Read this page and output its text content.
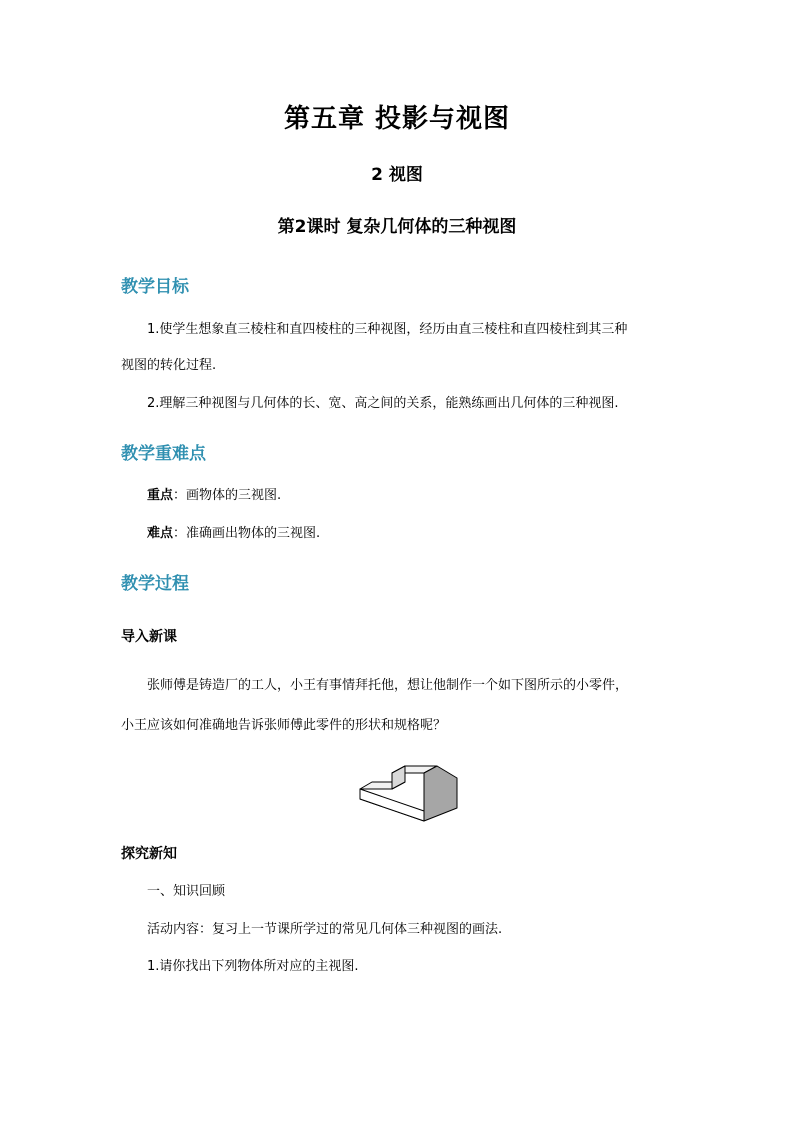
第五章 投影与视图
2 视图
第2课时 复杂几何体的三种视图
教学目标
1.使学生想象直三棱柱和直四棱柱的三种视图，经历由直三棱柱和直四棱柱到其三种
视图的转化过程.
2.理解三种视图与几何体的长、宽、高之间的关系，能熟练画出几何体的三种视图.
教学重难点
重点：画物体的三视图.
难点：准确画出物体的三视图.
教学过程
导入新课
张师傅是铸造厂的工人，小王有事情拜托他，想让他制作一个如下图所示的小零件，
小王应该如何准确地告诉张师傅此零件的形状和规格呢？
探究新知
一、知识回顾
活动内容：复习上一节课所学过的常见几何体三种视图的画法.
1.请你找出下列物体所对应的主视图.
